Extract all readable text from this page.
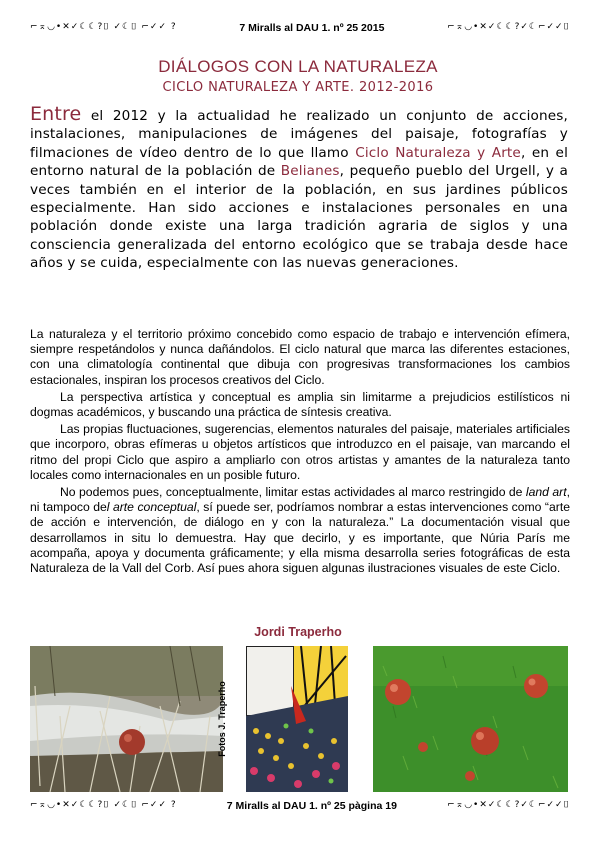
⌐⌅◡•✕✓☾☾?⌷ ✓☾⌷ ⌐✓✓ ?	7 Miralls al DAU 1. nº 25 2015	⌐⌅◡•✕✓☾☾?✓☾⌐✓✓⌷
DIÁLOGOS CON LA NATURALEZA
CICLO NATURALEZA Y ARTE. 2012-2016
Entre el 2012 y la actualidad he realizado un conjunto de acciones, instalaciones, manipulaciones de imágenes del paisaje, fotografías y filmaciones de vídeo dentro de lo que llamo Ciclo Naturaleza y Arte, en el entorno natural de la población de Belianes, pequeño pueblo del Urgell, y a veces también en el interior de la población, en sus jardines públicos especialmente. Han sido acciones e instalaciones personales en una población donde existe una larga tradición agraria de siglos y una consciencia generalizada del entorno ecológico que se trabaja desde hace años y se cuida, especialmente con las nuevas generaciones.

La naturaleza y el territorio próximo concebido como espacio de trabajo e intervención efímera, siempre respetándolos y nunca dañándolos. El ciclo natural que marca las diferentes estaciones, con una climatología continental que dibuja con progresivas transformaciones los cambios estacionales, inspiran los procesos creativos del Ciclo.

La perspectiva artística y conceptual es amplia sin limitarme a prejudicios estilísticos ni dogmas académicos, y buscando una práctica de síntesis creativa.

Las propias fluctuaciones, sugerencias, elementos naturales del paisaje, materiales artificiales que incorporo, obras efímeras u objetos artísticos que introduzco en el paisaje, van marcando el ritmo del propi Ciclo que aspiro a ampliarlo con otros artistas y amantes de la naturaleza tanto locales como internacionales en un posible futuro.

No podemos pues, conceptualmente, limitar estas actividades al marco restringido de land art, ni tampoco del arte conceptual, sí puede ser, podríamos nombrar a estas intervenciones como “arte de acción e intervención, de diálogo en y con la naturaleza.” La documentación visual que desarrollamos in situ lo demuestra. Hay que decirlo, y es importante, que Núria París me acompaña, apoya y documenta gráficamente; y ella misma desarrolla series fotográficas de esta Naturaleza de la Vall del Corb. Así pues ahora siguen algunas ilustraciones visuales de este Ciclo.

Jordi Traperho
Fotos J. Traperho
⌐⌅◡•✕✓☾☾?⌷ ✓☾⌷ ⌐✓✓ ?	7 Miralls al DAU 1. nº 25 pàgina 19	⌐⌅◡•✕✓☾☾?✓☾⌐✓✓⌷
